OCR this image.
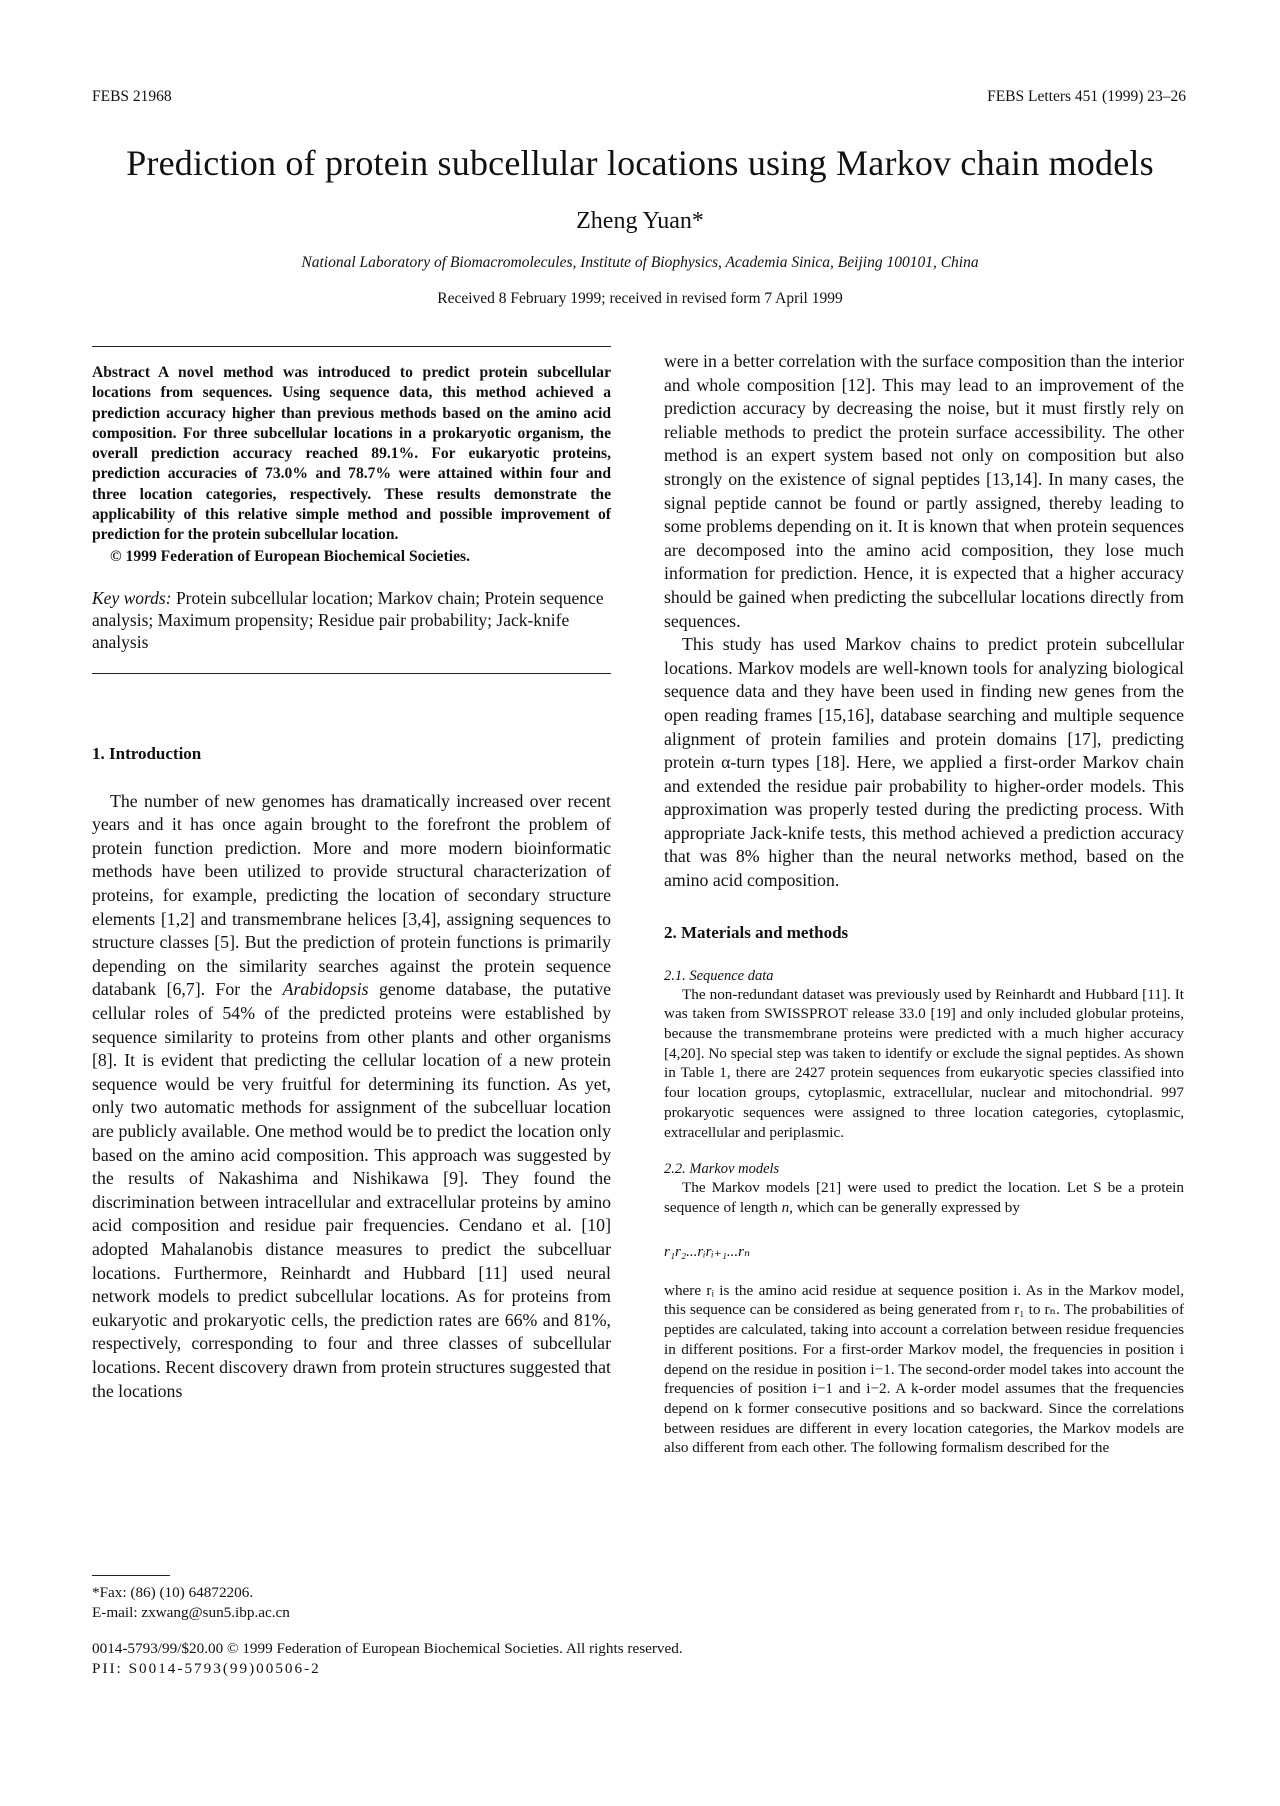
FEBS 21968	FEBS Letters 451 (1999) 23–26
Prediction of protein subcellular locations using Markov chain models
Zheng Yuan*
National Laboratory of Biomacromolecules, Institute of Biophysics, Academia Sinica, Beijing 100101, China
Received 8 February 1999; received in revised form 7 April 1999

Abstract A novel method was introduced to predict protein subcellular locations from sequences. Using sequence data, this method achieved a prediction accuracy higher than previous methods based on the amino acid composition. For three subcellular locations in a prokaryotic organism, the overall prediction accuracy reached 89.1%. For eukaryotic proteins, prediction accuracies of 73.0% and 78.7% were attained within four and three location categories, respectively. These results demonstrate the applicability of this relative simple method and possible improvement of prediction for the protein subcellular location.

© 1999 Federation of European Biochemical Societies.

Key words: Protein subcellular location; Markov chain; Protein sequence analysis; Maximum propensity; Residue pair probability; Jack-knife analysis

1. Introduction

The number of new genomes has dramatically increased over recent years and it has once again brought to the forefront the problem of protein function prediction. More and more modern bioinformatic methods have been utilized to provide structural characterization of proteins, for example, predicting the location of secondary structure elements [1,2] and transmembrane helices [3,4], assigning sequences to structure classes [5]. But the prediction of protein functions is primarily depending on the similarity searches against the protein sequence databank [6,7]. For the Arabidopsis genome database, the putative cellular roles of 54% of the predicted proteins were established by sequence similarity to proteins from other plants and other organisms [8]. It is evident that predicting the cellular location of a new protein sequence would be very fruitful for determining its function. As yet, only two automatic methods for assignment of the subcelluar location are publicly available. One method would be to predict the location only based on the amino acid composition. This approach was suggested by the results of Nakashima and Nishikawa [9]. They found the discrimination between intracellular and extracellular proteins by amino acid composition and residue pair frequencies. Cendano et al. [10] adopted Mahalanobis distance measures to predict the subcelluar locations. Furthermore, Reinhardt and Hubbard [11] used neural network models to predict subcellular locations. As for proteins from eukaryotic and prokaryotic cells, the prediction rates are 66% and 81%, respectively, corresponding to four and three classes of subcellular locations. Recent discovery drawn from protein structures suggested that the locations

were in a better correlation with the surface composition than the interior and whole composition [12]. This may lead to an improvement of the prediction accuracy by decreasing the noise, but it must firstly rely on reliable methods to predict the protein surface accessibility. The other method is an expert system based not only on composition but also strongly on the existence of signal peptides [13,14]. In many cases, the signal peptide cannot be found or partly assigned, thereby leading to some problems depending on it. It is known that when protein sequences are decomposed into the amino acid composition, they lose much information for prediction. Hence, it is expected that a higher accuracy should be gained when predicting the subcellular locations directly from sequences.

This study has used Markov chains to predict protein subcellular locations. Markov models are well-known tools for analyzing biological sequence data and they have been used in finding new genes from the open reading frames [15,16], database searching and multiple sequence alignment of protein families and protein domains [17], predicting protein α-turn types [18]. Here, we applied a first-order Markov chain and extended the residue pair probability to higher-order models. This approximation was properly tested during the predicting process. With appropriate Jack-knife tests, this method achieved a prediction accuracy that was 8% higher than the neural networks method, based on the amino acid composition.

2. Materials and methods

2.1. Sequence data

The non-redundant dataset was previously used by Reinhardt and Hubbard [11]. It was taken from SWISSPROT release 33.0 [19] and only included globular proteins, because the transmembrane proteins were predicted with a much higher accuracy [4,20]. No special step was taken to identify or exclude the signal peptides. As shown in Table 1, there are 2427 protein sequences from eukaryotic species classified into four location groups, cytoplasmic, extracellular, nuclear and mitochondrial. 997 prokaryotic sequences were assigned to three location categories, cytoplasmic, extracellular and periplasmic.

2.2. Markov models

The Markov models [21] were used to predict the location. Let S be a protein sequence of length n, which can be generally expressed by

r₁r₂...rᵢrᵢ₊₁...rₙ

where rᵢ is the amino acid residue at sequence position i. As in the Markov model, this sequence can be considered as being generated from r₁ to rₙ. The probabilities of peptides are calculated, taking into account a correlation between residue frequencies in different positions. For a first-order Markov model, the frequencies in position i depend on the residue in position i−1. The second-order model takes into account the frequencies of position i−1 and i−2. A k-order model assumes that the frequencies depend on k former consecutive positions and so backward. Since the correlations between residues are different in every location categories, the Markov models are also different from each other. The following formalism described for the

*Fax: (86) (10) 64872206.
E-mail: zxwang@sun5.ibp.ac.cn
0014-5793/99/$20.00 © 1999 Federation of European Biochemical Societies. All rights reserved.
PII: S0014-5793(99)00506-2
